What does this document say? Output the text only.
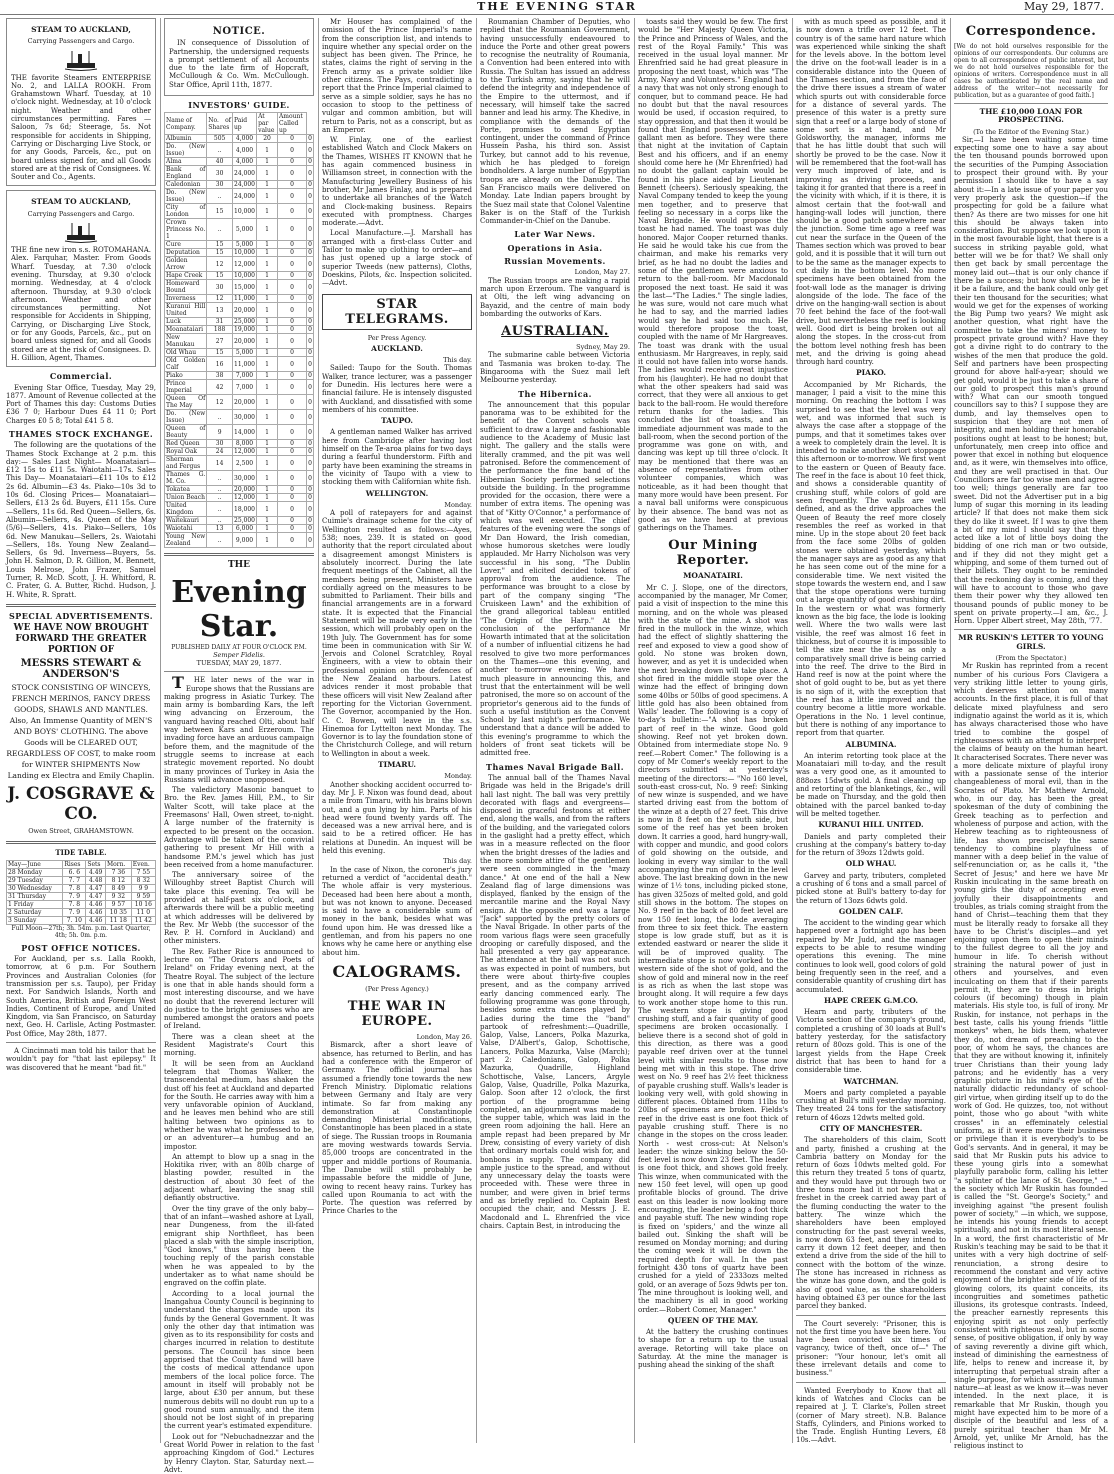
THE EVENING STAR	May 29, 1877.
STEAM TO AUCKLAND,
Carrying Passengers and Cargo.
THE favorite Steamers ENTERPRISE No. 2, and LALLA ROOKH. From Grahamstown Wharf. Tuesday, at 10 o'clock night. Wednesday, at 10 o'clock night. Weather and other circumstances permitting. Fares — Saloon, 7s 6d; Steerage, 5s. Not responsible for accidents in Shipping, Carrying or Discharging Live Stock, or for any Goods, Parcels, &c., put on board unless signed for, and all Goods stored are at the risk of Consignees. W. Souter and Co., Agents.
STEAM TO AUCKLAND,
Carrying Passengers and Cargo.
THE fine new iron s.s. ROTOMAHANA. Alex. Farquhar, Master. From Goods Wharf. Tuesday, at 7.30 o'clock evening. Thursday, at 9.30 o'clock morning. Wednesday, at 4 o'clock afternoon. Thursday, at 9.30 o'clock afternoon. Weather and other circumstances permitting. Not responsible for Accidents in Shipping, Carrying, or Discharging Live Stock, or for any Goods, Parcels, &c., put on board unless signed for, and all Goods stored are at the risk of Consignees. D. H. Gillion, Agent, Thames.
Commercial.

Evening Star Office, Tuesday, May 29, 1877. Amount of Revenue collected at the Port of Thames this day: Customs Duties £36 7 0; Harbour Dues £4 11 0; Port Charges £0 5 8; Total £41 5 8.

THAMES STOCK EXCHANGE.

The following are the quotations of the Thames Stock Exchange at 2 p.m. this day:— Sales Last Night— Moanataiari—£12 15s to £11 5s. Waiotahi—17s. Sales This Day— Moanataiari—£11 10s to £12 2s 6d. Albumin—£3 4s. Piako—10s 3d to 10s 6d. Closing Prices— Moanataiari—Sellers, £13 2s 6d. Buyers, £11 15s. Cure—Sellers, 11s 6d. Red Queen—Sellers, 6s. Albumin—Sellers, 4s. Queen of the May (5/6)—Sellers, 41s. Piako—Sellers, 10s 6d. New Manukau—Sellers, 2s. Waiotahi—Sellers, 18s. Young New Zealand—Sellers, 6s 9d. Inverness—Buyers, 5s. John H. Salmon, D. R. Gillion, M. Bennett, Louis Melrose, John Frazer, Samuel Turner, R. McD. Scott, J. H. Whitford, R. C. Frater, G. A. Butter, Richd. Hudson, J. H. White, R. Spratt.

SPECIAL ADVERTISEMENTS.
WE HAVE NOW BROUGHT FORWARD THE GREATER PORTION OF
MESSRS STEWART & ANDERSON'S
STOCK CONSISTING OF WINCEYS, FRENCH MERINOS, FANCY DRESS GOODS, SHAWLS AND MANTLES. Also, An Immense Quantity of MEN'S AND BOYS' CLOTHING. The above Goods will be CLEARED OUT, REGARDLESS OF COST, to make room for WINTER SHIPMENTS Now Landing ex Electra and Emily Chaplin.
J. COSGRAVE & CO.
Owen Street, GRAHAMSTOWN.
TIDE TABLE.
May—June	Rises	Sets	Morn.	Even.
28 Monday	6. 6	4.49	7 36	7 55
29 Tuesday	7. 7	4.48	8 12	8 32
30 Wednesday	7. 8	4.47	8 49	9 9
31 Thursday	7. 9	4.47	9 32	9 59
1 Friday	7. 8	4.46	9 57	10 16
2 Saturday	7. 9	4.46	10 35	11 0
3 Sunday	7. 10	4.46	11 18	11 42
Full Moon—27th; 3h. 54m. p.m. Last Quarter, 4th; 5h. 0m. p.m.
POST OFFICE NOTICES.

For Auckland, per s.s. Lalla Rookh, tomorrow, at 6 p.m. For Southern Provinces and Australian Colonies (for transmission per s.s. Taupo), per Friday next. For Sandwich Islands, North and South America, British and Foreign West Indies, Continent of Europe, and United Kingdom, via San Francisco, on Saturday next, Geo. H. Carlisle, Acting Postmaster. Post Office, May 28th, 1877.

A Cincinnati man told his tailor that he wouldn't pay for "that last epilepsy." It was discovered that he meant "bad fit."

NOTICE.

IN consequence of Dissolution of Partnership, the undersigned requests a prompt settlement of all Accounts due to the late firm of Hopcraft, McCullough & Co. Wm. McCullough. Star Office, April 11th, 1877.

INVESTORS' GUIDE.
Name of Company.	No. of Shares	Paid up	At par value	Amount Called up	
Albumin	505	4,000	20	0	0
Do. (New Issue)	..	4,000	1	0	0
Alma	40	4,000	1	0	0
Bank of England	30	24,000	1	0	0
Caledonian	30	24,000	1	0	0
Do. (New Issue)	..	24,000	1	0	0
City of London	15	10,000	1	0	0
Crown Princess No. 1	..	5,000	1	0	0
Cure	15	5,000	1	0	0
Deputation	15	10,000	1	0	0
Golden Arrow	12	12,000	1	0	0
Hape Creek	15	10,000	1	0	0
Homeward Bound	30	15,000	1	0	0
Inverness	12	11,000	1	0	0
Kuranui Hill United	13	20,000	1	0	0
Luck	31	25,000	1	0	0
Moanataiari	188	19,000	1	0	0
New Manukau	27	20,000	1	0	0
Old Whau	15	5,000	1	0	0
Old Golden Calf	16	11,000	1	0	0
Piako	38	7,000	1	0	0
Prince Imperial	42	7,000	1	0	0
Queen Of The May	12	20,000	1	0	0
Do. (New Issue)	..	30,000	1	0	0
Queen of Beauty	9	14,000	1	0	0
Red Queen	30	8,000	1	0	0
Royal Oak	24	12,000	1	0	0
Sherman and Fergus	14	2,500	1	0	0
Thames G. M. Co.	..	30,000	1	0	0
Tokatea	..	20,000	1	0	0
Union Beach	..	12,000	1	0	0
United Kingdom	..	18,000	1	0	0
Waitekauri	..	25,000	1	0	0
Waiotahi	13	6,000	1	0	0
Young New Zealand	..	9,000	1	0	0
THE
Evening Star.
PUBLISHED DAILY AT FOUR O'CLOCK P.M.
Semper Fidelis.
TUESDAY, MAY 29, 1877.

THE later news of the war in Europe shows that the Russians are making progress in Asiatic Turkey. The main army is bombarding Kars, the left wing advancing on Erzeroum, the vanguard having reached Olti, about half way between Kars and Erzeroum. The invading force have an arduous campaign before them, and the magnitude of the struggle seems to increase at each strategic movement reported. No doubt in many provinces of Turkey in Asia the Russians will advance unopposed.

The valedictory Masonic banquet to Bro. the Rev. James Hill, P.M., to Sir Walter Scott, will take place at the Freemasons' Hall, Owen street, to-night. A large number of the fraternity is expected to be present on the occasion. Advantage will be taken of the convivial gathering to present Mr Hill with a handsome P.M.'s jewel which has just been received from a home manufacturer.

The anniversary soiree of the Willoughby street Baptist Church will take place this evening. Tea will be provided at half-past six o'clock, and afterwards there will be a public meeting at which addresses will be delivered by the Rev. Mr Webb (the successor of the Rev. P. H. Cornford in Auckland) and other ministers.

The Rev. Father Rice is announced to lecture on "The Orators and Poets of Ireland" on Friday evening next, at the Theatre Royal. The subject of the lecture is one that in able hands should form a most interesting discourse, and we have no doubt that the reverend lecturer will do justice to the bright geniuses who are numbered amongst the orators and poets of Ireland.

There was a clean sheet at the Resident Magistrate's Court this morning.

It will be seen from an Auckland telegram that Thomas Walker, the transcendental medium, has shaken the dust off his feet at Auckland and departed for the South. He carries away with him a very unfavorable opinion of Auckland, and he leaves men behind who are still halting between two opinions as to whether he was what he professed to be, or an adventurer—a humbug and an impostor.

An attempt to blow up a snag in the Hokitika river, with an 80lb charge of blasting powder, resulted in the destruction of about 30 feet of the adjacent wharf, leaving the snag still defiantly obstructive.

Over the tiny grave of the only baby—that of an infant—washed ashore at Lyall, near Dungeness, from the ill-fated emigrant ship Northfleet, has been placed a slab with the simple inscription, "God knows," thus having been the touching reply of the parish constable when he was appealed to by the undertaker as to what name should be engraved on the coffin plate.

According to a local journal the Inangahua County Council is beginning to understand the charges made upon its funds by the General Government. It was only the other day that intimation was given as to its responsibility for costs and charges incurred in relation to destitute persons. The Council has since been apprised that the County fund will have the costs of medical attendance upon members of the local police force. The amount in itself will probably not be large, about £30 per annum, but these numerous debits will no doubt run up to a good round sum annually, and the item should not be lost sight of in preparing the current year's estimated expenditure.

Look out for "Nebuchadnezzar and the Great World Power in relation to the fast approaching Kingdom of God." Lectures by Henry Clayton. Star, Saturday next.—Advt.

Mr Houser has complained of the omission of the Prince Imperial's name from the conscription list, and intends to inquire whether any special order on the subject has been given. The Prince, he states, claims the right of serving in the French army as a private soldier like other citizens. The Pays, contradicting a report that the Prince Imperial claimed to serve as a simple soldier, says he has no occasion to stoop to the pettiness of vulgar and common ambition, but will return to Paris, not as a conscript, but as an Emperor.

W. Finlay, one of the earliest established Watch and Clock Makers on the Thames, WISHES IT KNOWN that he has again commenced business in Williamson street, in connection with the Manufacturing Jewellery Business of his brother, Mr James Finlay, and is prepared to undertake all branches of the Watch and Clock-making business. Repairs executed with promptness. Charges moderate.—Advt.

Local Manufacture.—J. Marshall has arranged with a first-class Cutter and Tailor to make up clothing to order—and has just opened up a large stock of superior Tweeds (new patterns), Cloths, Doeskins, Pilots, &c. Inspection solicited.—Advt.

STAR TELEGRAMS.
Per Press Agency.
AUCKLAND.
This day.

Sailed: Taupo for the South. Thomas Walker, trance lecturer, was a passenger for Dunedin. His lectures here were a financial failure. He is intensely disgusted with Auckland, and dissatisfied with some members of his committee.

TAUPO.

A gentleman named Walker has arrived here from Cambridge after having lost himself on the Te-aroa plains for two days during a fearful thunderstorm. Fifth and party have been examining the streams in the vicinity of Taupo with a view to stocking them with Californian white fish.

WELLINGTON.
Monday.

A poll of ratepayers for and against Cuimie's drainage scheme for the city of Wellington resulted as follows:—Ayes, 538; noes, 239. It is stated on good authority that the report circulated about a disagreement amongst Ministers is absolutely incorrect. During the late frequent meetings of the Cabinet, all the members being present, Ministers have cordially agreed on the measures to be submitted to Parliament. Their bills and financial arrangements are in a forward state. It is expected that the Financial Statement will be made very early in the session, which will probably open on the 19th July. The Government has for some time been in communication with Sir W. Jervois and Colonel Scratchley, Royal Engineers, with a view to obtain their professional opinion on the defences of the New Zealand harbours. Latest advices render it most probable that these officers will visit New Zealand after reporting for the Victorian Government. The Governor, accompanied by the Hon. C. C. Bowen, will leave in the s.s. Hinemoa for Lyttelton next Monday. The Governor is to lay the foundation stone of the Christchurch College, and will return to Wellington in about a week.

TIMARU.
Monday.

Another shocking accident occurred to-day. Mr J. F. Nixon was found dead, about a mile from Timaru, with his brains blown out, and a gun lying by him. Parts of his head were found twenty yards off. The deceased was a new arrival here, and is said to be a retired officer. He has relations at Dunedin. An inquest will be held this evening.

This day.

In the case of Nixon, the coroner's jury returned a verdict of "accidental death." The whole affair is very mysterious. Deceased had been here about a month, but was not known to anyone. Deceased is said to have a considerable sum of money in the bank, besides what was found upon him. He was dressed like a gentleman, and from his papers no one knows why he came here or anything else about him.

CALOGRAMS.
(Per Press Agency.)
THE WAR IN EUROPE.
London, May 26.

Bismarck, after a short leave of absence, has returned to Berlin, and has had a conference with the Emperor of Germany. The official journal has assumed a friendly tone towards the new French Ministry. Diplomatic relations between Germany and Italy are very intimate. So far from making any demonstration at Constantinople demanding Ministerial modifications, Constantinople has been placed in a state of siege. The Russian troops in Roumania are moving westwards towards Servia. 85,000 troops are concentrated in the upper and middle portions of Roumania. The Danube will still probably be impassable before the middle of June, owing to recent heavy rains. Turkey has called upon Roumania to act with the Porte. The question was referred by Prince Charles to the

Roumanian Chamber of Deputies, who replied that the Roumanian Government, having unsuccessfully endeavoured to induce the Porte and other great powers to recognise the neutrality of Roumania, a Convention had been entered into with Russia. The Sultan has issued an address to the Turkish army, saying that he will defend the integrity and independence of the Empire to the uttermost, and if necessary, will himself take the sacred banner and lead his army. The Khedive, in compliance with the demands of the Porte, promises to send Egyptian contingent, under the command of Prince Hussein Pasha, his third son. Assist Turkey, but cannot add to his revenue, which he has pledged to foreign bondholders. A large number of Egyptian troops are already on the Danube. The San Francisco mails were delivered on Monday. Late Indian papers brought by the Suez mail state that Colonel Valentine Baker is on the Staff of the Turkish Commander-in-Chief on the Danube.

Later War News.
Operations in Asia.
Russian Movements.
London, May 27.

The Russian troops are making a rapid march upon Erzeroum. The vanguard is at Olti, the left wing advancing on Bayazid, and the centre of main body bombarding the outworks of Kars.

AUSTRALIAN.
Sydney, May 29.

The submarine cable between Victoria and Tasmania was broken to-day. The Bingarooma with the Suez mail left Melbourne yesterday.

The Hibernica.

The announcement that this popular panorama was to be exhibited for the benefit of the Convent schools was sufficient to draw a large and fashionable audience to the Academy of Music last night. The gallery and the stalls were literally crammed, and the pit was well patronised. Before the commencement of the performance the fine band of the Hibernian Society performed selections outside the building. In the programme provided for the occasion, there were a number of extra items. The opening was that of "Kitty O'Connor," a performance of which was well executed. The chief features of the evening were the songs of Mr Dan Howard, the Irish comedian, whose humorous sketches were loudly applauded. Mr Harry Nicholson was very successful in his song, "The Dublin Lover," and elicited decided tokens of approval from the audience. The performance was brought to a close by part of the company singing "The Cruiskeen Lawn" and the exhibition of the grand allegorical tableau entitled "The Origin of the Harp." At the conclusion of the performance Mr Howarth intimated that at the solicitation of a number of influential citizens he had resolved to give two more performances on the Thames—one this evening, and another to-morrow evening. We have much pleasure in announcing this, and trust that the entertainment will be well patronised, the more so on account of the proprietor's generous aid to the funds of such a useful institution as the Convent School by last night's performance. We understand that a dance will be added to this evening's programme to which the holders of front seat tickets will be admitted free.

Thames Naval Brigade Ball.

The annual ball of the Thames Naval Brigade was held in the Brigade's drill hall last night. The ball was very prettily decorated with flags and evergreens—disposed in graceful festoons at either end, along the walls, and from the rafters of the building, and the variegated colors in the gaslight had a pretty effect, which was in a measure reflected on the floor when the bright dresses of the ladies and the more sombre attire of the gentlemen were seen commingled in the "mazy dance." At one end of the hall a New Zealand flag of large dimensions was displayed, flanked by the ensign of the mercantile marine and the Royal Navy ensign. At the opposite end was a large "Jack" supported by the pretty colors of the Naval Brigade. In other parts of the room various flags were seen gracefully drooping or carefully disposed, and the hall presented a very gay appearance. The attendance at the ball was not such as was expected in point of numbers, but there were about thirty-five couples present, and as the company arrived early dancing commenced early. The following programme was gone through, besides some extra dances played by Ladies during the time the "band" partook of refreshment:—Quadrille, Galop, Valse, Lancers, Polka Mazurka, Valse, D'Albert's, Galop, Schottische, Lancers, Polka Mazurka, Valse (March); part 2: Caledonians, Galop, Polka Mazurka, Quadrille, Highland Schottische, Valse, Lancers, Argyle Galop, Valse, Quadrille, Polka Mazurka, Galop. Soon after 12 o'clock, the first portion of the programme being completed, an adjournment was made to the supper table, which was laid in the green room adjoining the hall. Here an ample repast had been prepared by Mr Drew, consisting of every variety of dish that ordinary mortals could wish for, and bonbons in supply. The company did ample justice to the spread, and without any unnecessary delay the toasts were proceeded with. These were three in number, and were given in brief terms and as briefly replied to. Captain Best occupied the chair, and Messrs J. E. Macdonald and L. Ehrenfried the vice chairs. Captain Best, in introducing the

toasts said they would be few. The first would be "Her Majesty Queen Victoria, the Prince and Princess of Wales, and the rest of the Royal Family." This was received in the usual loyal manner. Mr Ehrenfried said he had great pleasure in proposing the next toast, which was "The Army, Navy and Volunteers." England had a navy that was not only strong enough to conquer, but to command peace. He had no doubt but that the naval resources would be used, if occasion required, to stay oppression, and that then it would be found that England possessed the same gallant men as before. They were there that night at the invitation of Captain Best and his officers, and if an enemy should come here he (Mr Ehrenfried) had no doubt the gallant captain would be found in his place aided by Lieutenant Bennett (cheers). Seriously speaking, the Naval Company tended to keep the young men together, and to preserve that feeling so necessary in a corps like the Naval Brigade. He would propose the toast he had named. The toast was duly honored. Major Cooper returned thanks. He said he would take his cue from the chairman, and make his remarks very brief, as he had no doubt the ladies and some of the gentlemen were anxious to return to the ball-room. Mr Macdonald proposed the next toast. He said it was the last—"The Ladies." The single ladies, he was sure, would not care much what he had to say, and the married ladies would say he had said too much. He would therefore propose the toast, coupled with the name of Mr Hargreaves. The toast was drank with the usual enthusiasm. Mr Hargreaves, in reply, said it could not have fallen into worse hands. The ladies would receive great injustice from his (laughter). He had no doubt that what the other speakers had said was correct, that they were all anxious to get back to the ball-room. He would therefore return thanks for the ladies. This concluded the list of toasts, and an immediate adjournment was made to the ball-room, when the second portion of the programme was gone on with, and dancing was kept up till three o'clock. It may be mentioned that there was an absence of representatives from other volunteer companies, which was noticeable, as it had been thought that many more would have been present. For a naval ball uniforms were conspicuous by their absence. The band was not as good as we have heard at previous gatherings on the Thames.

Our Mining Reporter.
MOANATAIRI.

Mr C. J. Slope, one of the directors, accompanied by the manager, Mr Comer, paid a visit of inspection to the mine this morning, and on the whole was pleased with the state of the mine. A shot was fired in the mullock in the winze, which had the effect of slightly shattering the reef and exposed to view a good show of gold. No stone was broken down, however, and as yet it is undecided when the next breaking down will take place. A shot fired in the middle stope over the winze had the effect of bringing down some 40lbs or 50lbs of good specimens. A little gold has also been obtained from Walls' leader. The following is a copy of to-day's bulletin:—"A shot has broken part of reef in the winze. Good gold showing. Reef not yet broken down. Obtained from intermediate stope No. 9 reef.—Robert Comer." The following is a copy of Mr Comer's weekly report to the directors submitted at yesterday's meeting of the directors:— "No 160 level, south-east cross-cut, No. 9 reef: Sinking of new winze is suspended, and we have started driving east from the bottom of the winze at a depth of 27 feet. This drive is now in 8 feet on the south side, but some of the reef has yet been broken down. It carries a good, hard hungry-wall, with copper and mundic, and good colors of gold showing on the outside, and looking in every way similar to the wall accompanying the run of gold in the level above. The last breaking down in the new winze of 1½ tons, including picked stone, has given 325ozs of melted gold, and gold still shows in the bottom. The stopes on No. 9 reef in the back of 80 feet level are now 150 feet long, the lode averaging from three to six feet thick. The eastern stope is low grade stuff, but as it is extended eastward or nearer the slide it will be of improved quality. The intermediate stope is now worked to the western side of the shot of gold, and the show of gold and mineral now in the reef is as rich as when the last stope was brought along. It will require a few days to work another stope home to this run. The western stope is giving good crushing stuff, and a fair quantity of good specimens are broken occasionally. I believe there is a second shot of gold in this direction, as there was a good payable reef driven over at the tunnel level with similar results to those now being met with in this stope. The drive west on No. 9 reef has 2½ feet thickness of payable crushing stuff. Walls's leader is looking very well, with gold showing in different places. Obtained from 11lbs to 20lbs of specimens are broken. Fields's reef in the drive east is one foot thick of payable crushing stuff. There is no change in the stopes on the cross leader. North - west cross-cut: At Nelson's leader: the winze sinking below the 50-feet level is now down 23 feet. The leader is one foot thick, and shows gold freely. This winze, when communicated with the new 150 feet level, will open up good profitable blocks of ground. The drive east on this leader is now looking more encouraging, the leader being a foot thick and payable stuff. The new winding rope is fixed on 'spiders,' and the winze all bailed out. Sinking the shaft will be resumed on Monday morning; and during the coming week it will be down the required depth for wall. In the past fortnight 430 tons of quartz have been crushed for a yield of 2333ozs melted gold, or an average of 5ozs 9dwts per ton. The mine throughout is looking well, and the machinery is all in good working order.—Robert Comer, Manager."

QUEEN OF THE MAY.

At the battery the crushing continues to shape for a return up to the usual average. Retorting will take place on Saturday. At the mine the manager is pushing ahead the sinking of the shaft

with as much speed as possible, and it is now down a trifle over 12 feet. The country is of the same hard nature which was experienced while sinking the shaft for the levels above. In the bottom level the drive on the foot-wall leader is in a considerable distance into the Queen of the Thames section, and from the face of the drive there issues a stream of water which spurts out with considerable force for a distance of several yards. The presence of this water is a pretty sure sign that a reef or a large body of stone of some sort is at hand, and Mr Goldsworthy, the manager, informs me that he has little doubt that such will shortly be proved to be the case. Now it will be remembered that the foot-wall has very much improved of late, and is improving as driving proceeds, and taking it for granted that there is a reef in the vicinity with which, if it is there, it is almost certain that the foot-wall and hanging-wall lodes will junction, there should be a good patch somewhere near the junction. Some time ago a reef was cut near the surface in the Queen of the Thames section which was proved to bear gold, and it is possible that it will turn out to be the same as the manager expects to cut daily in the bottom level. No more specimens have been obtained from the foot-wall lode as the manager is driving alongside of the lode. The face of the drive on the hanging-wall section is about 70 feet behind the face of the foot-wall drive, but nevertheless the reef is looking well. Good dirt is being broken out all along the stopes. In the cross-cut from the bottom level nothing fresh has been met, and the driving is going ahead through hard country.

PIAKO.

Accompanied by Mr Richards, the manager, I paid a visit to the mine this morning. On reaching the bottom I was surprised to see that the level was very wet, and was informed that such is always the case after a stoppage of the pumps, and that it sometimes takes over a week to completely drain the level. It is intended to make another short stoppage this afternoon or to-morrow. We first went to the eastern or Queen of Beauty face. The reef in the face is about 10 feet thick, and shows a considerable quantity of crushing stuff, while colors of gold are seen frequently. The walls are well defined, and as the drive approaches the Queen of Beauty the reef more closely resembles the reef as worked in that mine. Up in the stope about 20 feet back from the face some 20lbs of golden stones were obtained yesterday, which the manager says are as good as any that he has seen come out of the mine for a considerable time. We next visited the stope towards the western end, and I saw that the stope operations were turning out a large quantity of good crushing dirt. In the western or what was formerly known as the big face, the lode is looking well. Where the two walls were last visible, the reef was almost 16 feet in thickness, but of course it is impossible to tell the size near the face as only a comparatively small drive is being carried into the reef. The drive to the Bird in Hand reef is now at the point where the shot of gold ought to be, but as yet there is no sign of it, with the exception that the reef has a little improved and the country become a little more workable. Operations in the No. 1 level continue, but there is nothing of any importance to report from that quarter.

ALBUMINA.

An interim retorting took place at the Moanataiari mill to-day, and the result was a very good one, as it amounted to 888ozs 15dwts gold. A final cleaning up and retorting of the blanketings, &c., will be made on Thursday, and the gold then obtained with the parcel banked to-day will be melted together.

KURANUI HILL UNITED.

Daniels and party completed their crushing at the company's battery to-day for the return of 39ozs 12dwts gold.

OLD WHAU.

Garvey and party, tributers, completed a crushing of 6 tons and a small parcel of picked stone at Bull's battery to-day for the return of 13ozs 6dwts gold.

GOLDEN CALF.

The accident to the winding gear which happened over a fortnight ago has been repaired by Mr Judd, and the manager expects to be able to resume winding operations this evening. The mine continues to look well, good colors of gold being frequently seen in the reef, and a considerable quantity of crushing dirt has accumulated.

HAPE CREEK G.M.CO.

Hearn and party, tributers of the Victoria section of the company's ground, completed a crushing of 30 loads at Bull's battery yesterday, for the satisfactory return of 80ozs gold. This is one of the largest yields from the Hape Creek district that has been to hand for a considerable time.

WATCHMAN.

Moers and party completed a payable crushing at Bull's mill yesterday morning. They treated 24 tons for the satisfactory return of 46ozs 12dwts melted gold.

CITY OF MANCHESTER.

The shareholders of this claim, Scott and party, finished a crushing at the Cambria battery on Monday for the return of 6ozs 10dwts melted gold. For this return they treated 5 tons of quartz, and they would have put through two or three tons more had it not been that a freshet in the creek carried away part of the fluming conducting the water to the battery. The winze which the shareholders have been employed constructing for the past several weeks, is now down 63 feet, and they intend to carry it down 12 feet deeper, and then extend a drive from the side of the hill to connect with the bottom of the winze. The stone has increased in richness as the winze has gone down, and the gold is also of good value, as the shareholders having obtained £3 per ounce for the last parcel they banked.

The Court severely: "Prisoner, this is not the first time you have been here. You have been convicted six times of vagrancy, twice of theft, once of—" The prisoner: "Your honour, let's omit all these irrelevant details and come to business."

Wanted Everybody to Know that all kinds of Watches and Clocks can be repaired at J. T. Clarke's, Pollen street (corner of Mary street). N.B. Balance Staffs, Cylinders, and Pinions worked to the Trade. English Hunting Levers, £8 10s.—Advt.

Correspondence.
[We do not hold ourselves responsible for the opinions of our correspondents. Our columns are open to all correspondence of public interest, but we do not hold ourselves responsible for the opinions of writers. Correspondence must in all cases be authenticated by the real name and address of the writer—not necessarily for publication, but as a guarantee of good faith.]
THE £10,000 LOAN FOR PROSPECTING.
(To the Editor of the Evening Star.)

Sir,—I have been waiting some time expecting some one to have a say about the ten thousand pounds borrowed upon the securities of the Pumping Association to prospect their ground with. By your permission I should like to have a say about it:—In a late issue of your paper you very properly ask the question—if the prospecting for gold be a failure what then? As there are two misses for one hit this should be always taken into consideration. But suppose we look upon it in the most favourable light, that there is a success in striking payable gold, what better will we be for that? We shall only then get back by small percentage the money laid out—that is our only chance if there be a success; but how shall we be if it be a failure, and the bank could only get their ten thousand for the securities; what would we get for the expenses of working the Big Pump two years? We might ask another question, what right have the committee to take the miners' money to prospect private ground with? Have they got a divine right to do contrary to the wishes of the men that produce the gold. Self and partners have been prospecting ground for above half-a-year; should we get gold, would it be just to take a share of our gold to prospect this man's ground with? What can our smooth tongued councillors say to this? I suppose they are dumb, and lay themselves open to suspicion that they are not men of integrity, and men holding their honorable positions ought at least to be honest; but, unfortunately, men creep into office and power that excel in nothing but eloquence and, as it were, win themselves into office, and they are well practised in that. Our Councillors are far too wise men and agree too well; things generally are far too sweet. Did not the Advertiser put in a big lump of sugar this morning in its leading article? If that does not make them sick they do like it sweet. If I was to give them a bit of my mind I should say that they acted like a lot of little boys doing the bidding of one rich man or two outside, and if they did not they might get a whipping, and some of them turned out of their billets. They ought to be reminded that the reckoning day is coming, and they will have to account to those who gave them their power why they allowed ten thousand pounds of public money to be spent on private property.—I am, &c., J. Horn. Upper Albert street, May 28th, '77.

MR RUSKIN'S LETTER TO YOUNG GIRLS.
(From the Spectator.)

Mr Ruskin has reprinted from a recent number of his curious Fors Clavigera a very striking little letter to young girls, which deserves attention on many accounts. In the first place, it is full of that delicate mixed playfulness and sero indignatio against the world as it is, which has always characterised those who have tried to combine the gospel of righteousness with an attempt to interpret the claims of beauty on the human heart. It characterised Socrates. There never was a more delicate mixture of playful irony with a passionate sense of the interior changeableness of moral evil, than in the Socrates of Plato. Mr Matthew Arnold, who, in our day, has been the great spokesman of the duty of combining the Greek teaching as to perfection and wholeness of purpose and action, with the Hebrew teaching as to righteousness of life, has shown precisely the same tendency to combine playfulness of manner with a deep belief in the value of self-renunciation or, as he calls it, "the Secret of Jesus;" and here we have Mr Ruskin inculcating in the same breath on young girls the duty of accepting even joyfully their disappointments and troubles, as trials coming straight from the hand of Christ—teaching them that they must be literally ready to forsake all they have to be Christ's disciples—and yet enjoining upon them to open their minds to the fullest degree to all the joy and humour in life. To cherish without straining the natural power of just in others and yourselves, and even inculcating on them that if their parents permit it, they are to dress in bright colours (if becoming) though in plain materials. His style too, is full of irony. Mr Ruskin, for instance, not perhaps in the best taste, calls his young friends "little monkeys" when, he bids them, whatever they do, not dream of preaching to the poor, of whom he says, the chances are that they are without knowing it, infinitely truer Christians than their young lady patrons; and he evidently has a very graphic picture in his mind's eye of the naturally didactic redundancy of school-girl virtue, when girding itself up to do the work of God. He quizzes, too, not without point, those who go about "with white crosses" in an effeminately celestial uniform, as if it were more their business or privilege than it is everybody's to be God's servants. And in general, it may be said that Mr Ruskin puts his advice to these young girls into a somewhat playfully parabolic form, calling his letter "a splinter of the lance of St. George," —the society which Mr Ruskin has founded is called the "St. George's Society," and inveighing against "the present foulish power of society," —in which, we suppose, he intends his young friends to accept spiritually, and not in its most literal sense. In a word, the first characteristic of Mr Ruskin's teaching may be said to be that it unites with a very high doctrine of self-renunciation, a strong desire to recommend the constant and very active enjoyment of the brighter side of life of its glowing colors, its quaint conceits, its incongruities and sometimes pathetic illusions, its grotesque contrasts. Indeed, the preacher earnestly represents this enjoying spirit as not only perfectly consistent with righteous zeal, but in some sense, of positive obligation, if only by way of saving reverently a divine gift which, instead of diminishing the earnestness of life, helps to renew and increase it, by interrupting that perpetual strain after a single purpose, for which assuredly human nature—at least as we know it—was never intended. In the next place, it is remarkable that Mr Ruskin, though you might have expected him to be more of a disciple of the beautiful and less of a purely spiritual teacher than Mr M. Arnold, yet, unlike Mr Arnold, has the religious instinct to
